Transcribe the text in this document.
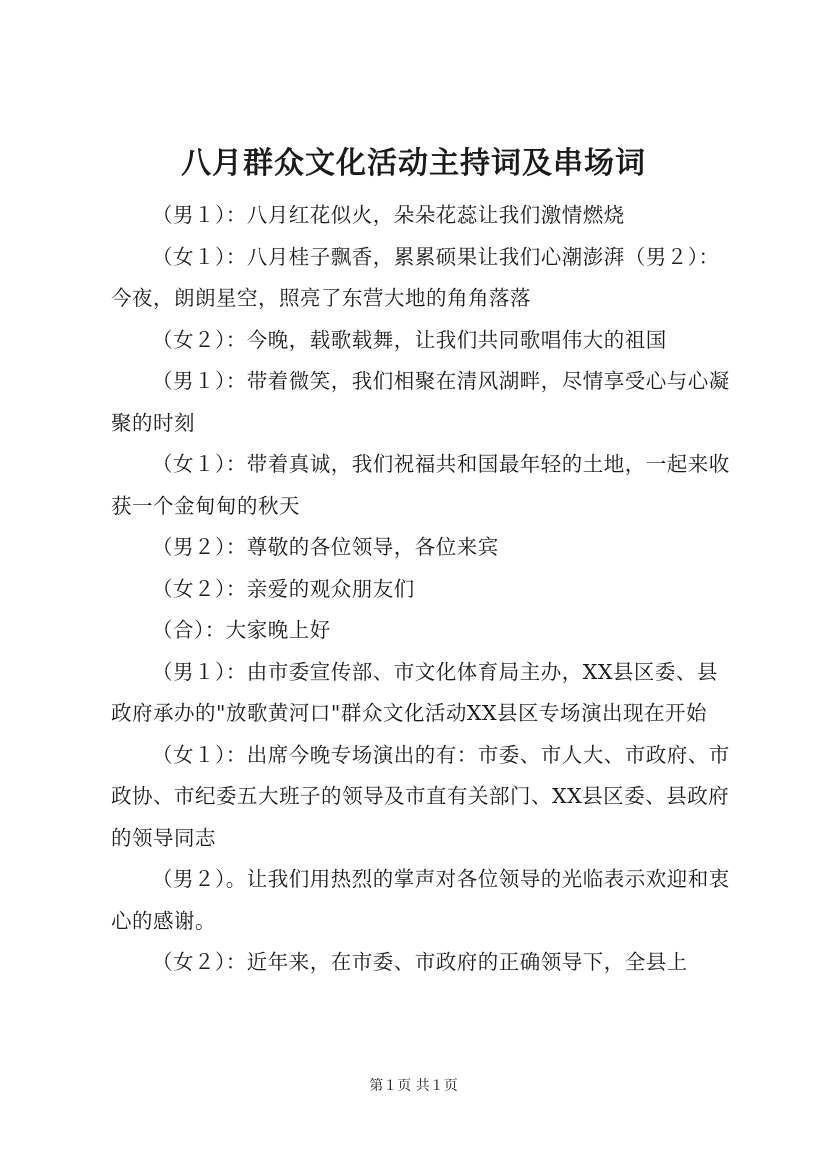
八月群众文化活动主持词及串场词

（男１）：八月红花似火，朵朵花蕊让我们激情燃烧

（女１）：八月桂子飘香，累累硕果让我们心潮澎湃（男２）：今夜，朗朗星空，照亮了东营大地的角角落落

（女２）：今晚，载歌载舞，让我们共同歌唱伟大的祖国

（男１）：带着微笑，我们相聚在清风湖畔，尽情享受心与心凝聚的时刻

（女１）：带着真诚，我们祝福共和国最年轻的土地，一起来收获一个金甸甸的秋天

（男２）：尊敬的各位领导，各位来宾

（女２）：亲爱的观众朋友们

（合）：大家晚上好

（男１）：由市委宣传部、市文化体育局主办，XX县区委、县政府承办的"放歌黄河口"群众文化活动XX县区专场演出现在开始

（女１）：出席今晚专场演出的有：市委、市人大、市政府、市政协、市纪委五大班子的领导及市直有关部门、XX县区委、县政府的领导同志

（男２）。让我们用热烈的掌声对各位领导的光临表示欢迎和衷心的感谢。

（女２）：近年来，在市委、市政府的正确领导下，全县上

第１页 共１页
